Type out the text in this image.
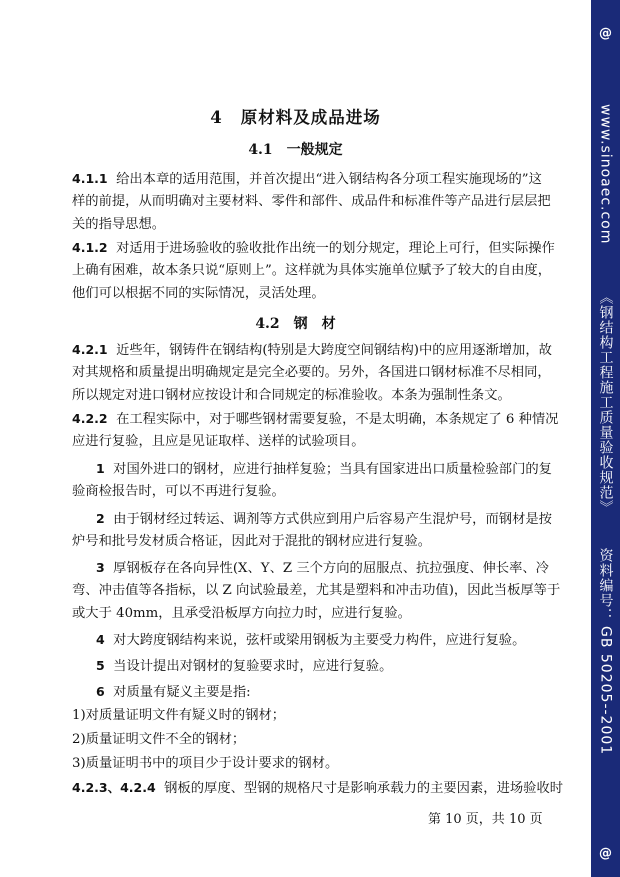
@
www.sinoaec.com
《钢结构工程施工质量验收规范》
资料编号：
GB 50205--2001
@
4 原材料及成品进场
4.1 一般规定
4.1.1 给出本章的适用范围，并首次提出“进入钢结构各分项工程实施现场的”这
样的前提，从而明确对主要材料、零件和部件、成品件和标准件等产品进行层层把
关的指导思想。
4.1.2 对适用于进场验收的验收批作出统一的划分规定，理论上可行，但实际操作
上确有困难，故本条只说“原则上”。这样就为具体实施单位赋予了较大的自由度，
他们可以根据不同的实际情况，灵活处理。
4.2 钢　材
4.2.1 近些年，钢铸件在钢结构(特别是大跨度空间钢结构)中的应用逐渐增加，故
对其规格和质量提出明确规定是完全必要的。另外，各国进口钢材标准不尽相同，
所以规定对进口钢材应按设计和合同规定的标准验收。本条为强制性条文。
4.2.2 在工程实际中，对于哪些钢材需要复验，不是太明确，本条规定了 6 种情况
应进行复验，且应是见证取样、送样的试验项目。
1 对国外进口的钢材，应进行抽样复验；当具有国家进出口质量检验部门的复
验商检报告时，可以不再进行复验。
2 由于钢材经过转运、调剂等方式供应到用户后容易产生混炉号，而钢材是按
炉号和批号发材质合格证，因此对于混批的钢材应进行复验。
3 厚钢板存在各向异性(X、Y、Z 三个方向的屈服点、抗拉强度、伸长率、冷
弯、冲击值等各指标，以 Z 向试验最差，尤其是塑料和冲击功值)，因此当板厚等于
或大于 40mm，且承受沿板厚方向拉力时，应进行复验。
4 对大跨度钢结构来说，弦杆或梁用钢板为主要受力构件，应进行复验。
5 当设计提出对钢材的复验要求时，应进行复验。
6 对质量有疑义主要是指:
1)对质量证明文件有疑义时的钢材；
2)质量证明文件不全的钢材；
3)质量证明书中的项目少于设计要求的钢材。
4.2.3、4.2.4 钢板的厚度、型钢的规格尺寸是影响承载力的主要因素，进场验收时
第 10 页，共 10 页
